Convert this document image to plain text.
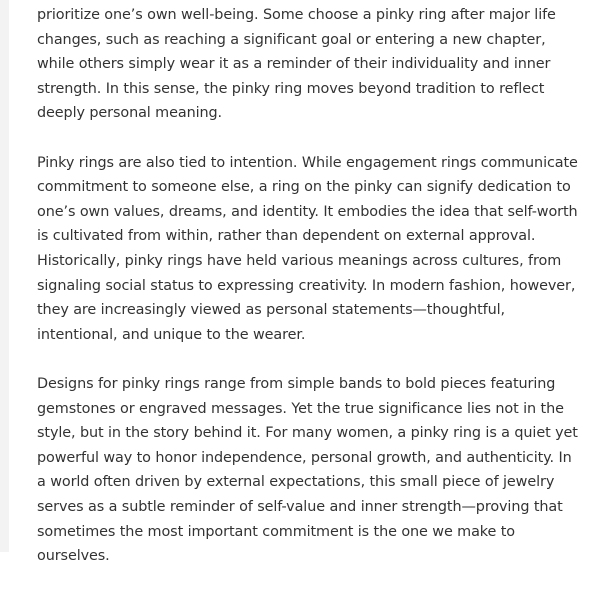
prioritize one’s own well-being. Some choose a pinky ring after major life changes, such as reaching a significant goal or entering a new chapter, while others simply wear it as a reminder of their individuality and inner strength. In this sense, the pinky ring moves beyond tradition to reflect deeply personal meaning.

Pinky rings are also tied to intention. While engagement rings communicate commitment to someone else, a ring on the pinky can signify dedication to one’s own values, dreams, and identity. It embodies the idea that self-worth is cultivated from within, rather than dependent on external approval. Historically, pinky rings have held various meanings across cultures, from signaling social status to expressing creativity. In modern fashion, however, they are increasingly viewed as personal statements—thoughtful, intentional, and unique to the wearer.

Designs for pinky rings range from simple bands to bold pieces featuring gemstones or engraved messages. Yet the true significance lies not in the style, but in the story behind it. For many women, a pinky ring is a quiet yet powerful way to honor independence, personal growth, and authenticity. In a world often driven by external expectations, this small piece of jewelry serves as a subtle reminder of self-value and inner strength—proving that sometimes the most important commitment is the one we make to ourselves.
